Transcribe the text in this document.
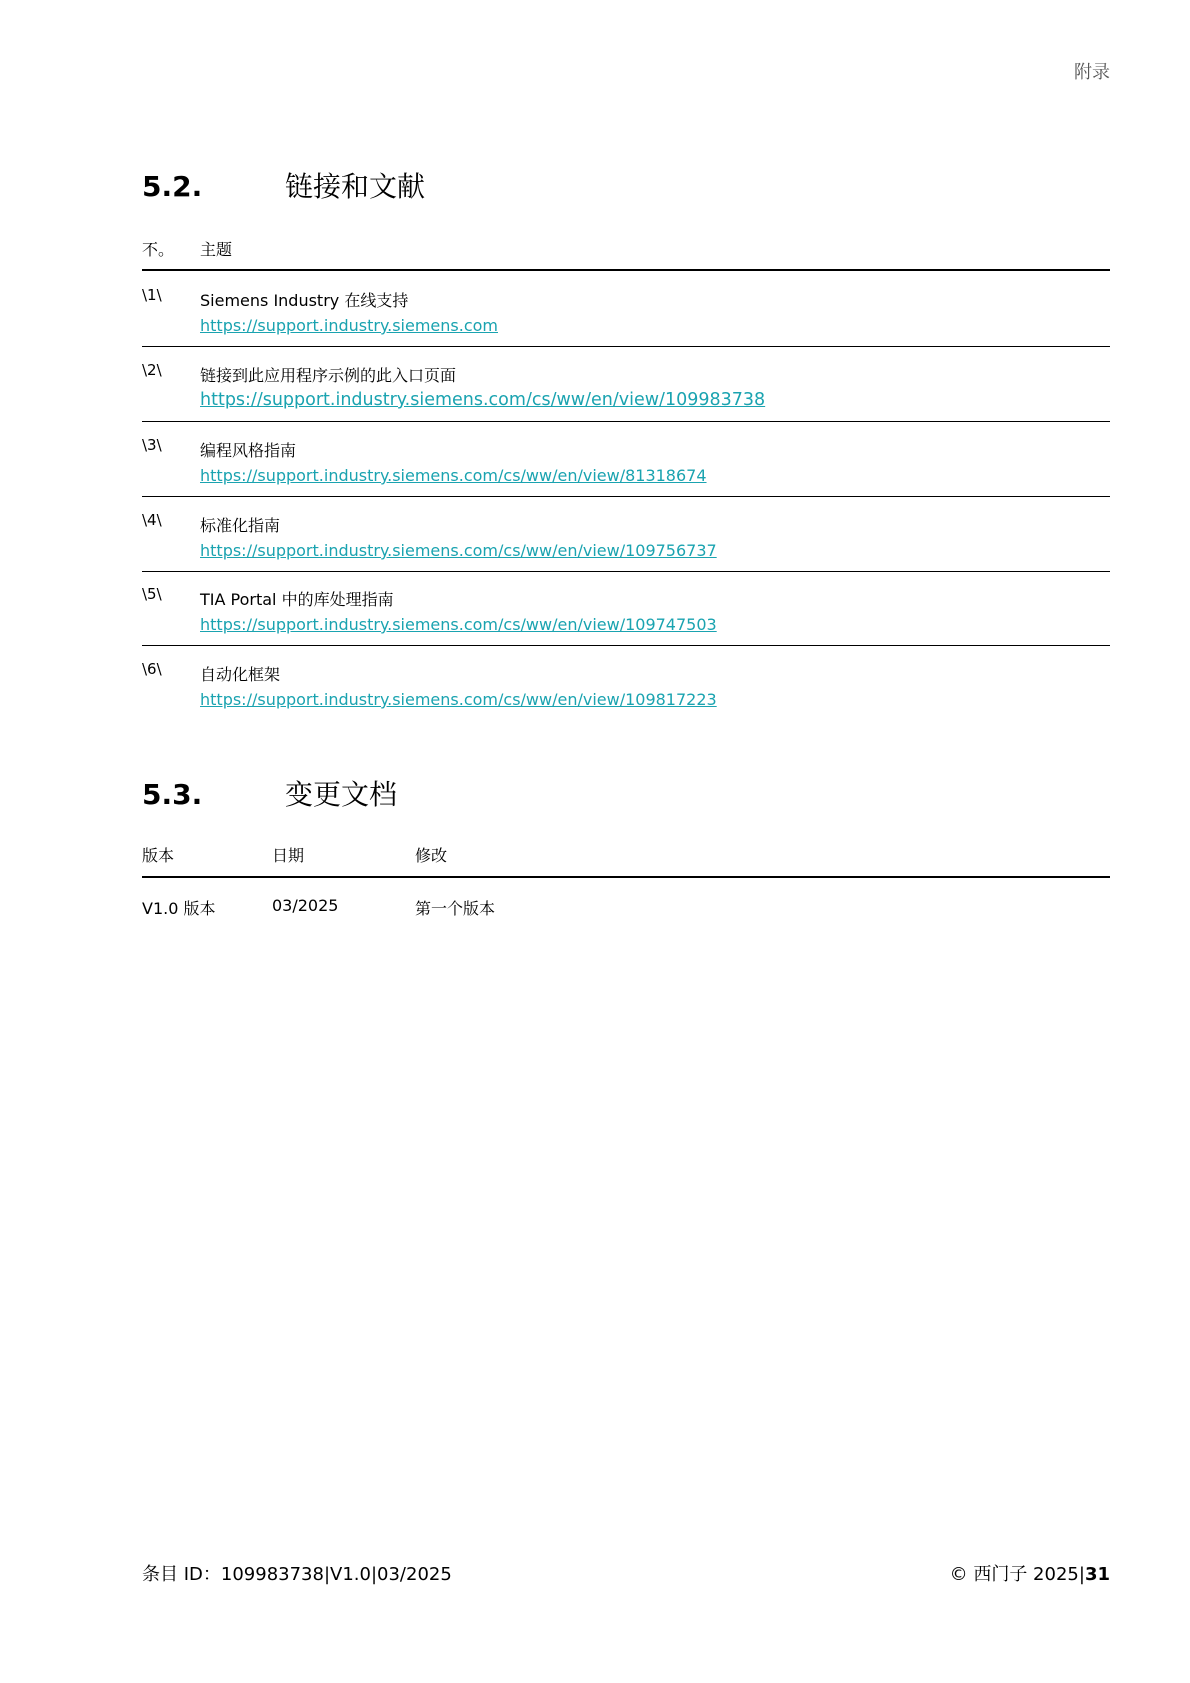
附录
5.2.	链接和文献
不。	主题
\1\ Siemens Industry 在线支持
https://support.industry.siemens.com
\2\ 链接到此应用程序示例的此入口页面
https://support.industry.siemens.com/cs/ww/en/view/109983738
\3\ 编程风格指南
https://support.industry.siemens.com/cs/ww/en/view/81318674
\4\ 标准化指南
https://support.industry.siemens.com/cs/ww/en/view/109756737
\5\ TIA Portal 中的库处理指南
https://support.industry.siemens.com/cs/ww/en/view/109747503
\6\ 自动化框架
https://support.industry.siemens.com/cs/ww/en/view/109817223
5.3.	变更文档
版本	日期	修改
V1.0 版本	03/2025	第一个版本
条目 ID：109983738|V1.0|03/2025	© 西门子 2025|31
